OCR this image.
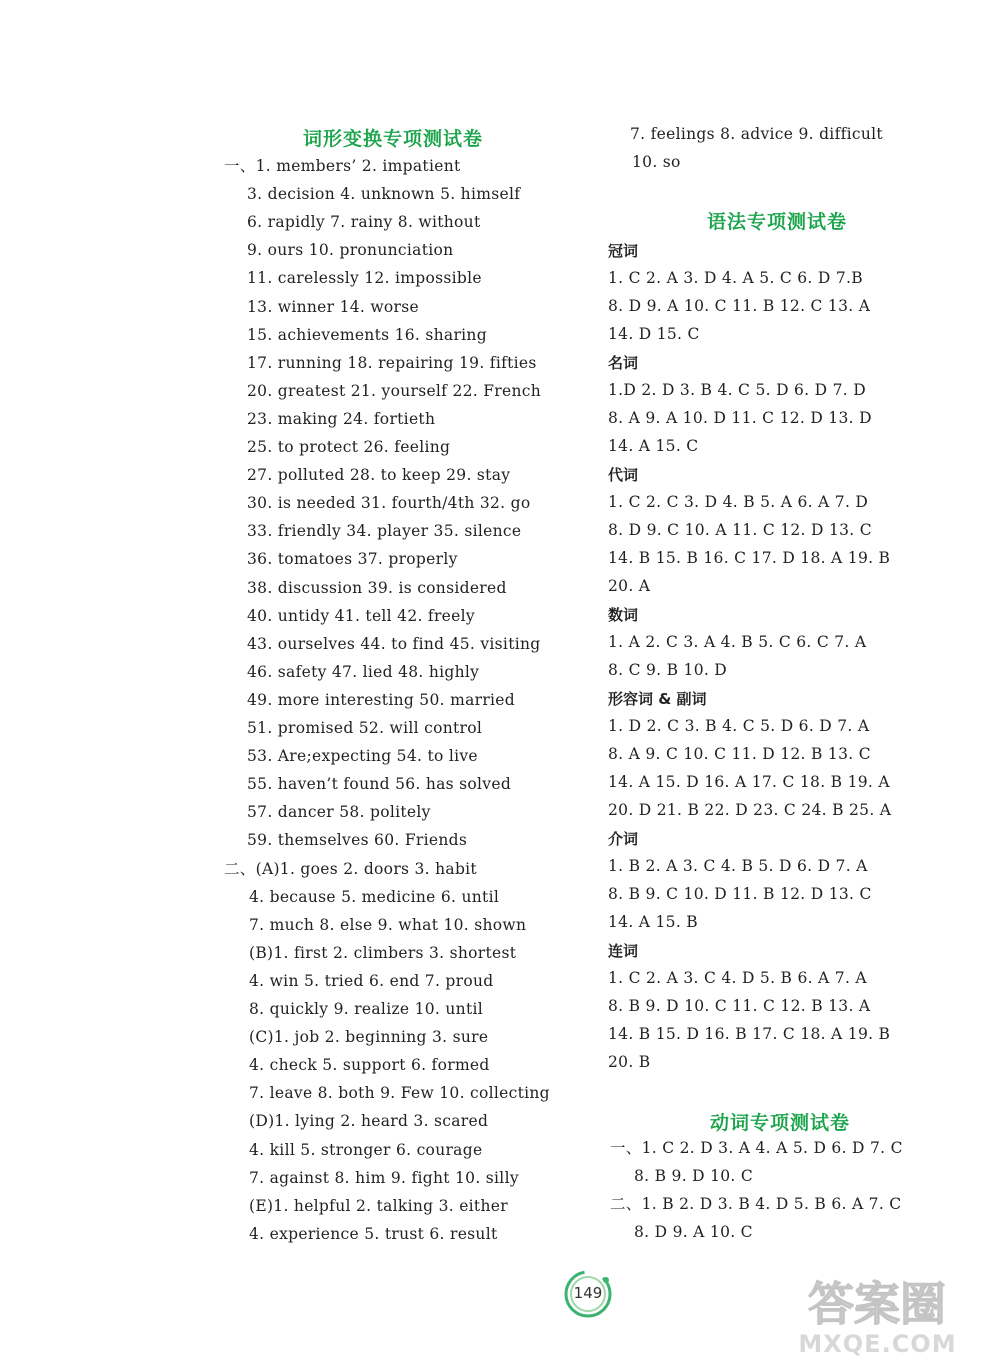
词形变换专项测试卷
一、1. members’ 2. impatient
3. decision 4. unknown 5. himself
6. rapidly 7. rainy 8. without
9. ours 10. pronunciation
11. carelessly 12. impossible
13. winner 14. worse
15. achievements 16. sharing
17. running 18. repairing 19. fifties
20. greatest 21. yourself 22. French
23. making 24. fortieth
25. to protect 26. feeling
27. polluted 28. to keep 29. stay
30. is needed 31. fourth/4th 32. go
33. friendly 34. player 35. silence
36. tomatoes 37. properly
38. discussion 39. is considered
40. untidy 41. tell 42. freely
43. ourselves 44. to find 45. visiting
46. safety 47. lied 48. highly
49. more interesting 50. married
51. promised 52. will control
53. Are;expecting 54. to live
55. haven’t found 56. has solved
57. dancer 58. politely
59. themselves 60. Friends
二、(A)1. goes 2. doors 3. habit
4. because 5. medicine 6. until
7. much 8. else 9. what 10. shown
(B)1. first 2. climbers 3. shortest
4. win 5. tried 6. end 7. proud
8. quickly 9. realize 10. until
(C)1. job 2. beginning 3. sure
4. check 5. support 6. formed
7. leave 8. both 9. Few 10. collecting
(D)1. lying 2. heard 3. scared
4. kill 5. stronger 6. courage
7. against 8. him 9. fight 10. silly
(E)1. helpful 2. talking 3. either
4. experience 5. trust 6. result
7. feelings 8. advice 9. difficult
10. so
语法专项测试卷
冠词
1. C 2. A 3. D 4. A 5. C 6. D 7.B
8. D 9. A 10. C 11. B 12. C 13. A
14. D 15. C
名词
1.D 2. D 3. B 4. C 5. D 6. D 7. D
8. A 9. A 10. D 11. C 12. D 13. D
14. A 15. C
代词
1. C 2. C 3. D 4. B 5. A 6. A 7. D
8. D 9. C 10. A 11. C 12. D 13. C
14. B 15. B 16. C 17. D 18. A 19. B
20. A
数词
1. A 2. C 3. A 4. B 5. C 6. C 7. A
8. C 9. B 10. D
形容词 & 副词
1. D 2. C 3. B 4. C 5. D 6. D 7. A
8. A 9. C 10. C 11. D 12. B 13. C
14. A 15. D 16. A 17. C 18. B 19. A
20. D 21. B 22. D 23. C 24. B 25. A
介词
1. B 2. A 3. C 4. B 5. D 6. D 7. A
8. B 9. C 10. D 11. B 12. D 13. C
14. A 15. B
连词
1. C 2. A 3. C 4. D 5. B 6. A 7. A
8. B 9. D 10. C 11. C 12. B 13. A
14. B 15. D 16. B 17. C 18. A 19. B
20. B
动词专项测试卷
一、1. C 2. D 3. A 4. A 5. D 6. D 7. C
8. B 9. D 10. C
二、1. B 2. D 3. B 4. D 5. B 6. A 7. C
8. D 9. A 10. C
149	答案圈
MXQE.COM
